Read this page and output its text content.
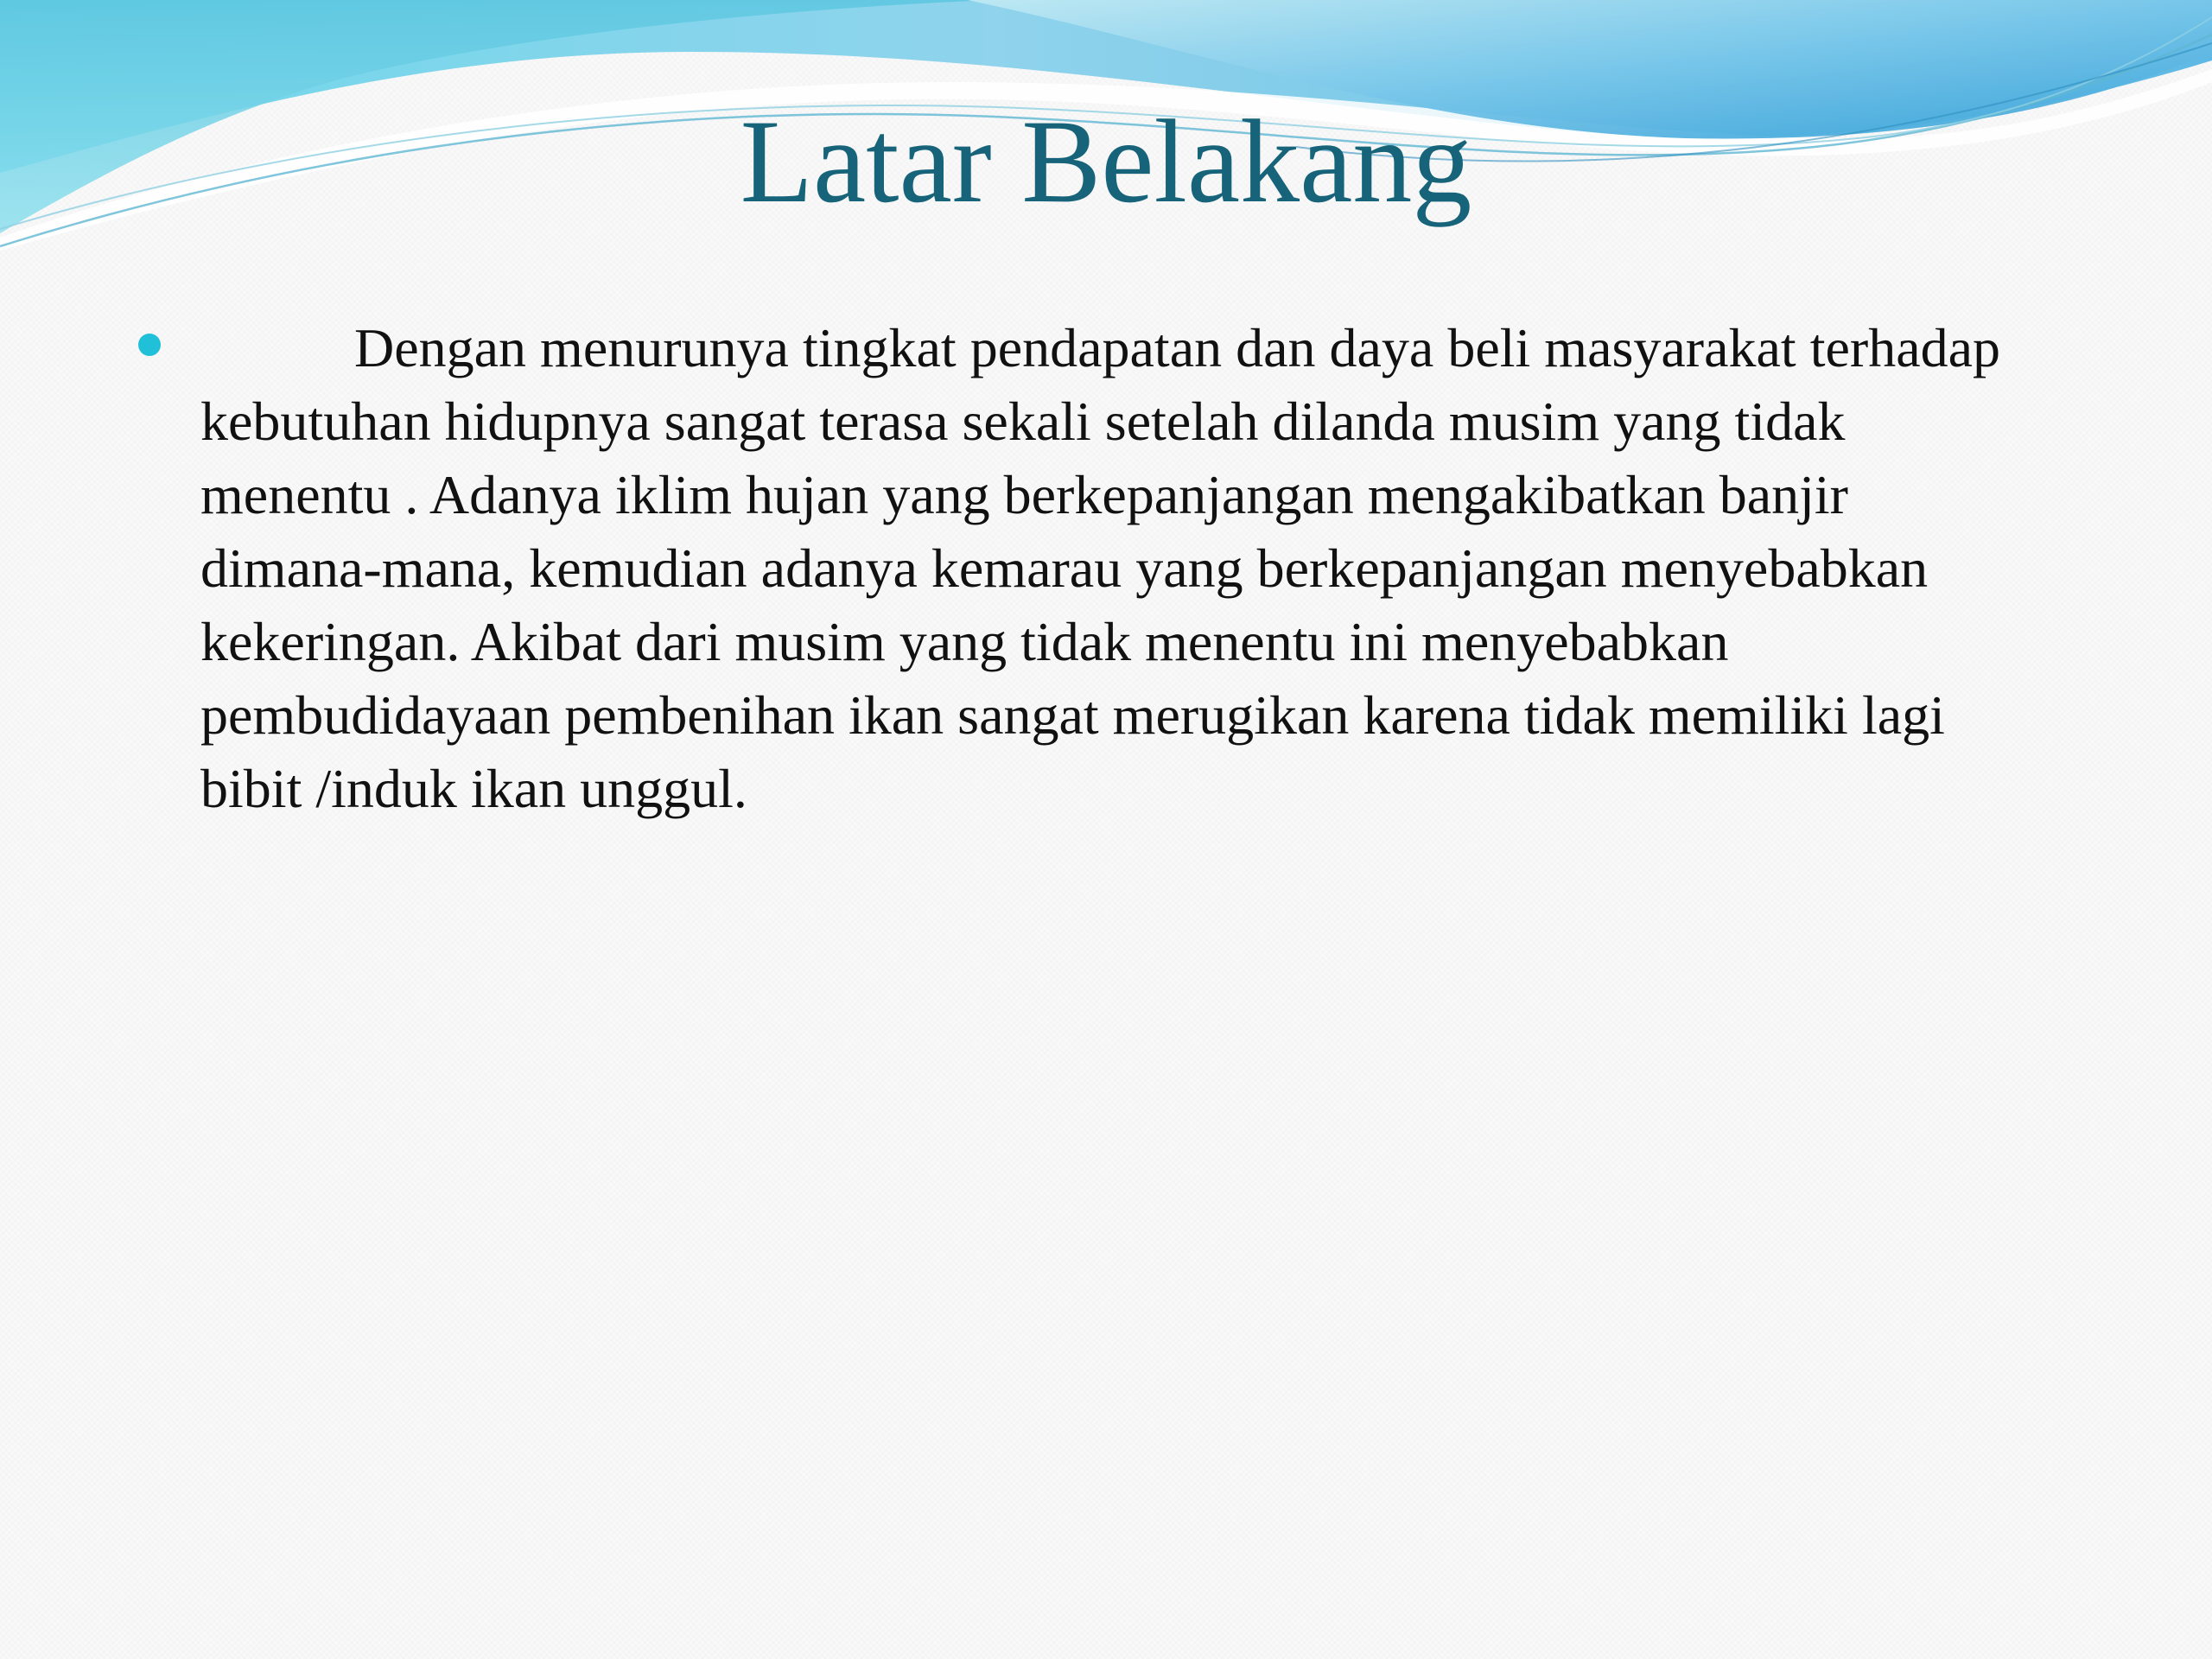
Latar Belakang

Dengan menurunya tingkat pendapatan dan daya beli masyarakat terhadap kebutuhan hidupnya sangat terasa sekali setelah dilanda musim yang tidak menentu . Adanya iklim hujan yang berkepanjangan mengakibatkan banjir dimana-mana, kemudian adanya kemarau yang berkepanjangan menyebabkan kekeringan. Akibat dari musim yang tidak menentu ini menyebabkan pembudidayaan pembenihan ikan sangat merugikan karena tidak memiliki lagi bibit /induk ikan unggul.
